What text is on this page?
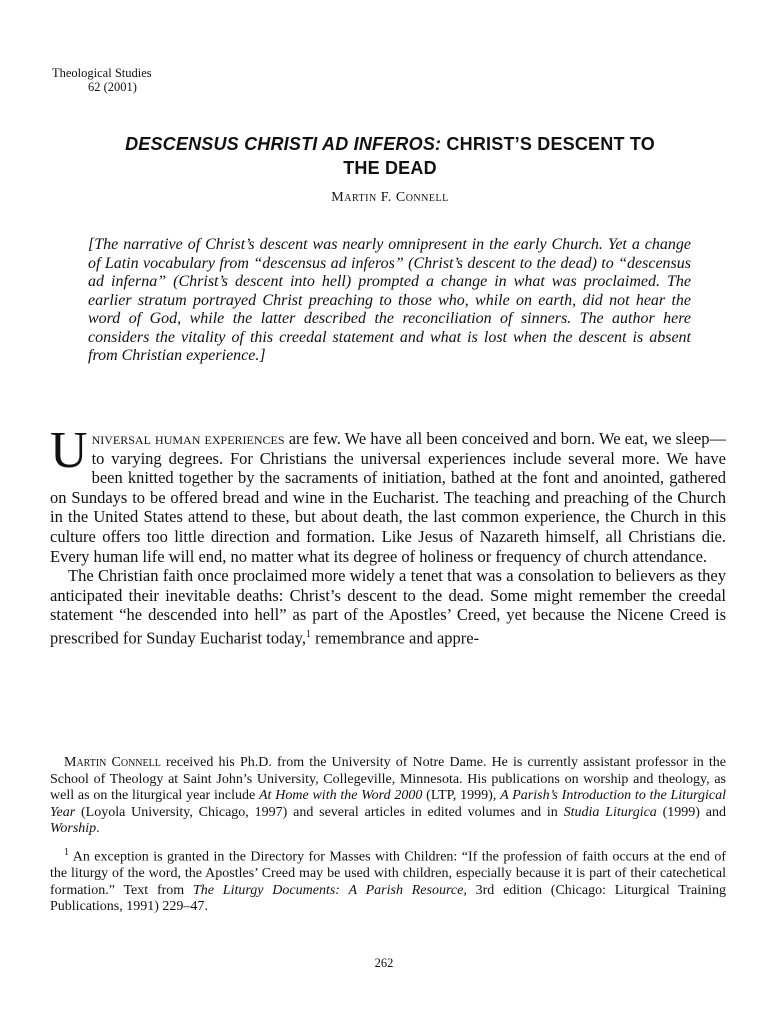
Theological Studies
62 (2001)
DESCENSUS CHRISTI AD INFEROS: CHRIST’S DESCENT TO
THE DEAD
Martin F. Connell
[The narrative of Christ’s descent was nearly omnipresent in the early Church. Yet a change of Latin vocabulary from “descensus ad inferos” (Christ’s descent to the dead) to “descensus ad inferna” (Christ’s descent into hell) prompted a change in what was proclaimed. The earlier stratum portrayed Christ preaching to those who, while on earth, did not hear the word of God, while the latter described the reconciliation of sinners. The author here considers the vitality of this creedal statement and what is lost when the descent is absent from Christian experience.]

Universal human experiences are few. We have all been conceived and born. We eat, we sleep—to varying degrees. For Christians the universal experiences include several more. We have been knitted together by the sacraments of initiation, bathed at the font and anointed, gathered on Sundays to be offered bread and wine in the Eucharist. The teaching and preaching of the Church in the United States attend to these, but about death, the last common experience, the Church in this culture offers too little direction and formation. Like Jesus of Nazareth himself, all Christians die. Every human life will end, no matter what its degree of holiness or frequency of church attendance.

The Christian faith once proclaimed more widely a tenet that was a consolation to believers as they anticipated their inevitable deaths: Christ’s descent to the dead. Some might remember the creedal statement “he descended into hell” as part of the Apostles’ Creed, yet because the Nicene Creed is prescribed for Sunday Eucharist today,$^1$ remembrance and appre-

Martin Connell received his Ph.D. from the University of Notre Dame. He is currently assistant professor in the School of Theology at Saint John’s University, Collegeville, Minnesota. His publications on worship and theology, as well as on the liturgical year include At Home with the Word 2000 (LTP, 1999), A Parish’s Introduction to the Liturgical Year (Loyola University, Chicago, 1997) and several articles in edited volumes and in Studia Liturgica (1999) and Worship.

$^1$ An exception is granted in the Directory for Masses with Children: “If the profession of faith occurs at the end of the liturgy of the word, the Apostles’ Creed may be used with children, especially because it is part of their catechetical formation.” Text from The Liturgy Documents: A Parish Resource, 3rd edition (Chicago: Liturgical Training Publications, 1991) 229–47.

262
